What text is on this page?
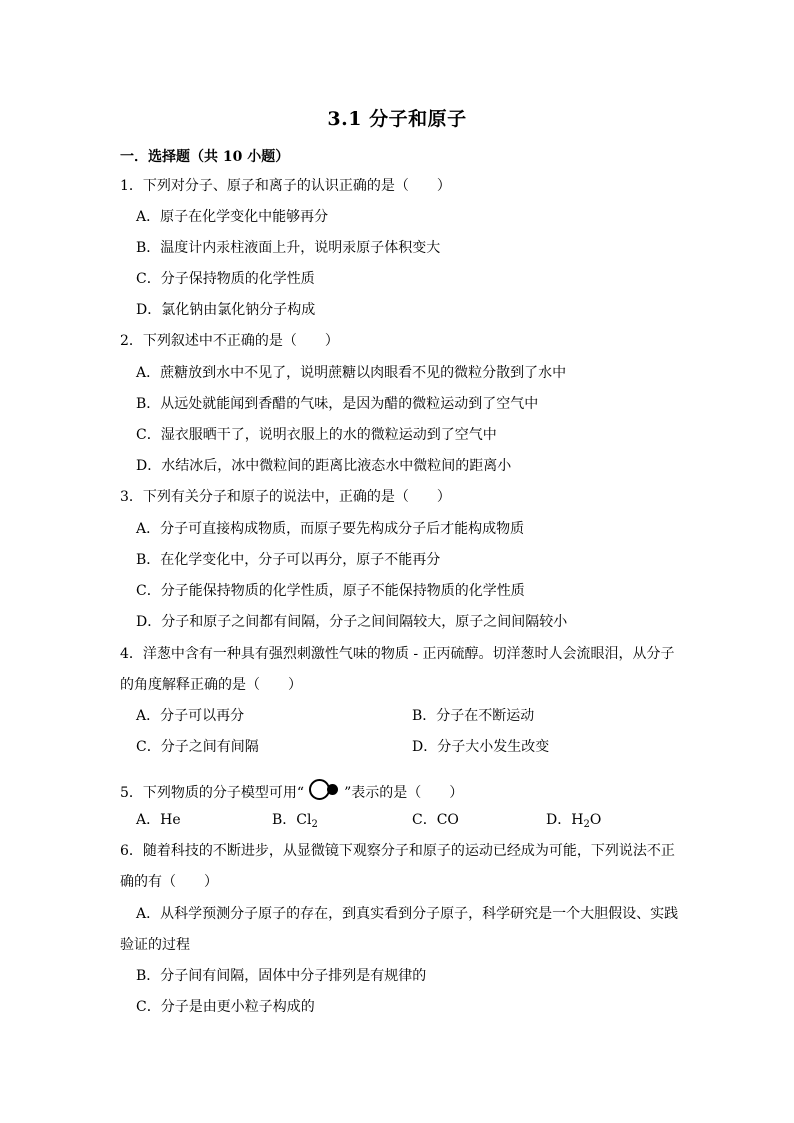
3.1 分子和原子
一．选择题（共 10 小题）
1．下列对分子、原子和离子的认识正确的是（　　）
A．原子在化学变化中能够再分
B．温度计内汞柱液面上升，说明汞原子体积变大
C．分子保持物质的化学性质
D．氯化钠由氯化钠分子构成
2．下列叙述中不正确的是（　　）
A．蔗糖放到水中不见了，说明蔗糖以肉眼看不见的微粒分散到了水中
B．从远处就能闻到香醋的气味，是因为醋的微粒运动到了空气中
C．湿衣服晒干了，说明衣服上的水的微粒运动到了空气中
D．水结冰后，冰中微粒间的距离比液态水中微粒间的距离小
3．下列有关分子和原子的说法中，正确的是（　　）
A．分子可直接构成物质，而原子要先构成分子后才能构成物质
B．在化学变化中，分子可以再分，原子不能再分
C．分子能保持物质的化学性质，原子不能保持物质的化学性质
D．分子和原子之间都有间隔，分子之间间隔较大，原子之间间隔较小
4．洋葱中含有一种具有强烈刺激性气味的物质 - 正丙硫醇。切洋葱时人会流眼泪，从分子
的角度解释正确的是（　　）
A．分子可以再分	B．分子在不断运动
C．分子之间有间隔	D．分子大小发生改变
5．下列物质的分子模型可用“	”表示的是（　　）
A．He	B．$Cl_2$	C．CO	D．$H_2O$
6．随着科技的不断进步，从显微镜下观察分子和原子的运动已经成为可能，下列说法不正
确的有（　　）
A．从科学预测分子原子的存在，到真实看到分子原子，科学研究是一个大胆假设、实践
验证的过程
B．分子间有间隔，固体中分子排列是有规律的
C．分子是由更小粒子构成的
